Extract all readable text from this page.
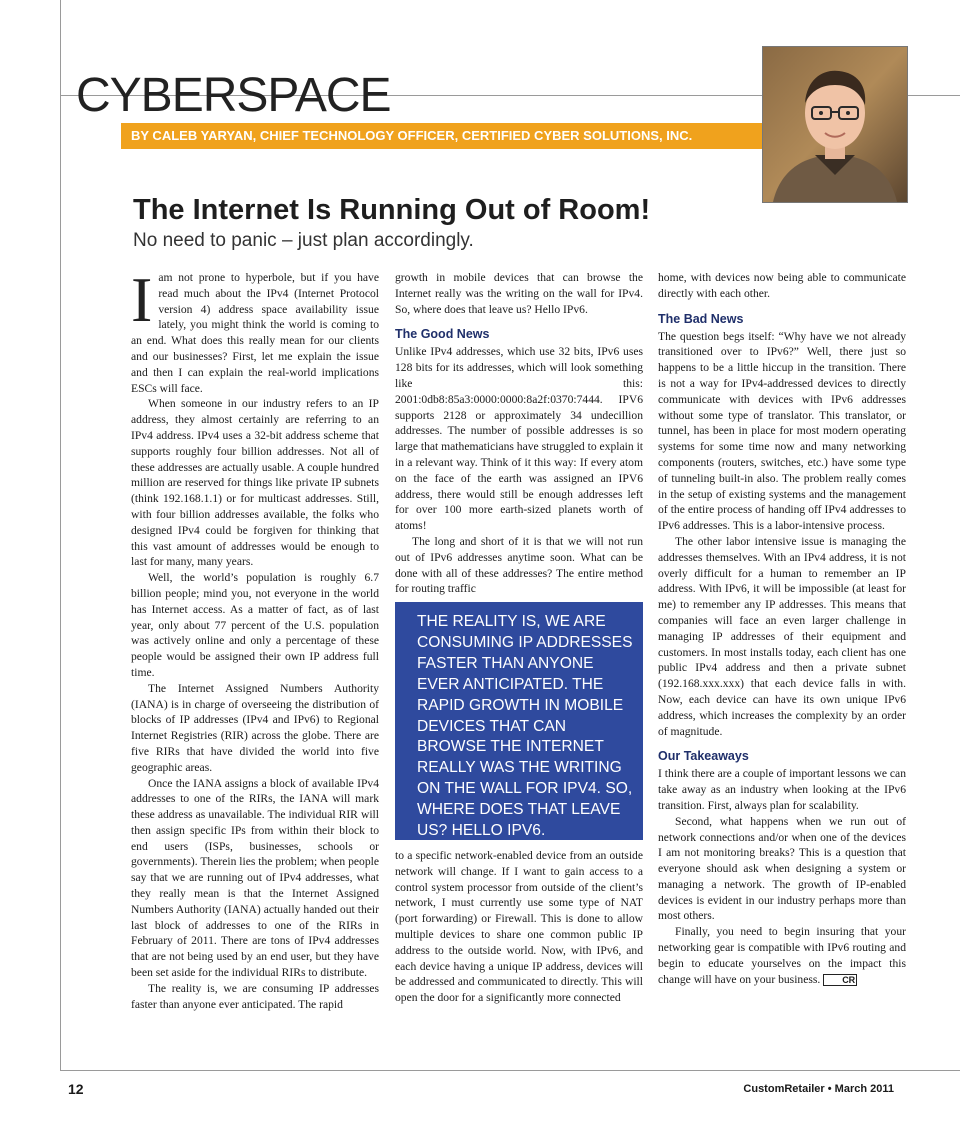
CYBERSPACE
BY CALEB YARYAN, CHIEF TECHNOLOGY OFFICER, CERTIFIED CYBER SOLUTIONS, INC.
The Internet Is Running Out of Room!
No need to panic – just plan accordingly.

Iam not prone to hyperbole, but if you have read much about the IPv4 (Internet Protocol version 4) address space availability issue lately, you might think the world is coming to an end. What does this really mean for our clients and our businesses? First, let me explain the issue and then I can explain the real-world implications ESCs will face.

When someone in our industry refers to an IP address, they almost certainly are referring to an IPv4 address. IPv4 uses a 32-bit address scheme that supports roughly four billion addresses. Not all of these addresses are actually usable. A couple hundred million are reserved for things like private IP subnets (think 192.168.1.1) or for multicast addresses. Still, with four billion addresses available, the folks who designed IPv4 could be forgiven for thinking that this vast amount of addresses would be enough to last for many, many years.

Well, the world’s population is roughly 6.7 billion people; mind you, not everyone in the world has Internet access. As a matter of fact, as of last year, only about 77 percent of the U.S. population was actively online and only a percentage of these people would be assigned their own IP address full time.

The Internet Assigned Numbers Authority (IANA) is in charge of overseeing the distribution of blocks of IP addresses (IPv4 and IPv6) to Regional Internet Registries (RIR) across the globe. There are five RIRs that have divided the world into five geographic areas.

Once the IANA assigns a block of available IPv4 addresses to one of the RIRs, the IANA will mark these address as unavailable. The individual RIR will then assign specific IPs from within their block to end users (ISPs, businesses, schools or governments). Therein lies the problem; when people say that we are running out of IPv4 addresses, what they really mean is that the Internet Assigned Numbers Authority (IANA) actually handed out their last block of addresses to one of the RIRs in February of 2011. There are tons of IPv4 addresses that are not being used by an end user, but they have been set aside for the individual RIRs to distribute.

The reality is, we are consuming IP addresses faster than anyone ever anticipated. The rapid

growth in mobile devices that can browse the Internet really was the writing on the wall for IPv4. So, where does that leave us? Hello IPv6.

The Good News

Unlike IPv4 addresses, which use 32 bits, IPv6 uses 128 bits for its addresses, which will look something like this: 2001:0db8:85a3:0000:0000:8a2f:0370:7444. IPV6 supports 2128 or approximately 34 undecillion addresses. The number of possible addresses is so large that mathematicians have struggled to explain it in a relevant way. Think of it this way: If every atom on the face of the earth was assigned an IPV6 address, there would still be enough addresses left for over 100 more earth-sized planets worth of atoms!

The long and short of it is that we will not run out of IPv6 addresses anytime soon. What can be done with all of these addresses? The entire method for routing traffic

THE REALITY IS, WE ARE CONSUMING IP ADDRESSES FASTER THAN ANYONE EVER ANTICIPATED. THE RAPID GROWTH IN MOBILE DEVICES THAT CAN BROWSE THE INTERNET REALLY WAS THE WRITING ON THE WALL FOR IPV4. SO, WHERE DOES THAT LEAVE US? HELLO IPV6.

to a specific network-enabled device from an outside network will change. If I want to gain access to a control system processor from outside of the client’s network, I must currently use some type of NAT (port forwarding) or Firewall. This is done to allow multiple devices to share one common public IP address to the outside world. Now, with IPv6, and each device having a unique IP address, devices will be addressed and communicated to directly. This will open the door for a significantly more connected

home, with devices now being able to communicate directly with each other.

The Bad News

The question begs itself: “Why have we not already transitioned over to IPv6?” Well, there just so happens to be a little hiccup in the transition. There is not a way for IPv4-addressed devices to directly communicate with devices with IPv6 addresses without some type of translator. This translator, or tunnel, has been in place for most modern operating systems for some time now and many networking components (routers, switches, etc.) have some type of tunneling built-in also. The problem really comes in the setup of existing systems and the management of the entire process of handing off IPv4 addresses to IPv6 addresses. This is a labor-intensive process.

The other labor intensive issue is managing the addresses themselves. With an IPv4 address, it is not overly difficult for a human to remember an IP address. With IPv6, it will be impossible (at least for me) to remember any IP addresses. This means that companies will face an even larger challenge in managing IP addresses of their equipment and customers. In most installs today, each client has one public IPv4 address and then a private subnet (192.168.xxx.xxx) that each device falls in with. Now, each device can have its own unique IPv6 address, which increases the complexity by an order of magnitude.

Our Takeaways

I think there are a couple of important lessons we can take away as an industry when looking at the IPv6 transition. First, always plan for scalability.

Second, what happens when we run out of network connections and/or when one of the devices I am not monitoring breaks? This is a question that everyone should ask when designing a system or managing a network. The growth of IP-enabled devices is evident in our industry perhaps more than most others.

Finally, you need to begin insuring that your networking gear is compatible with IPv6 routing and begin to educate yourselves on the impact this change will have on your business. CR

12	CustomRetailer • March 2011
